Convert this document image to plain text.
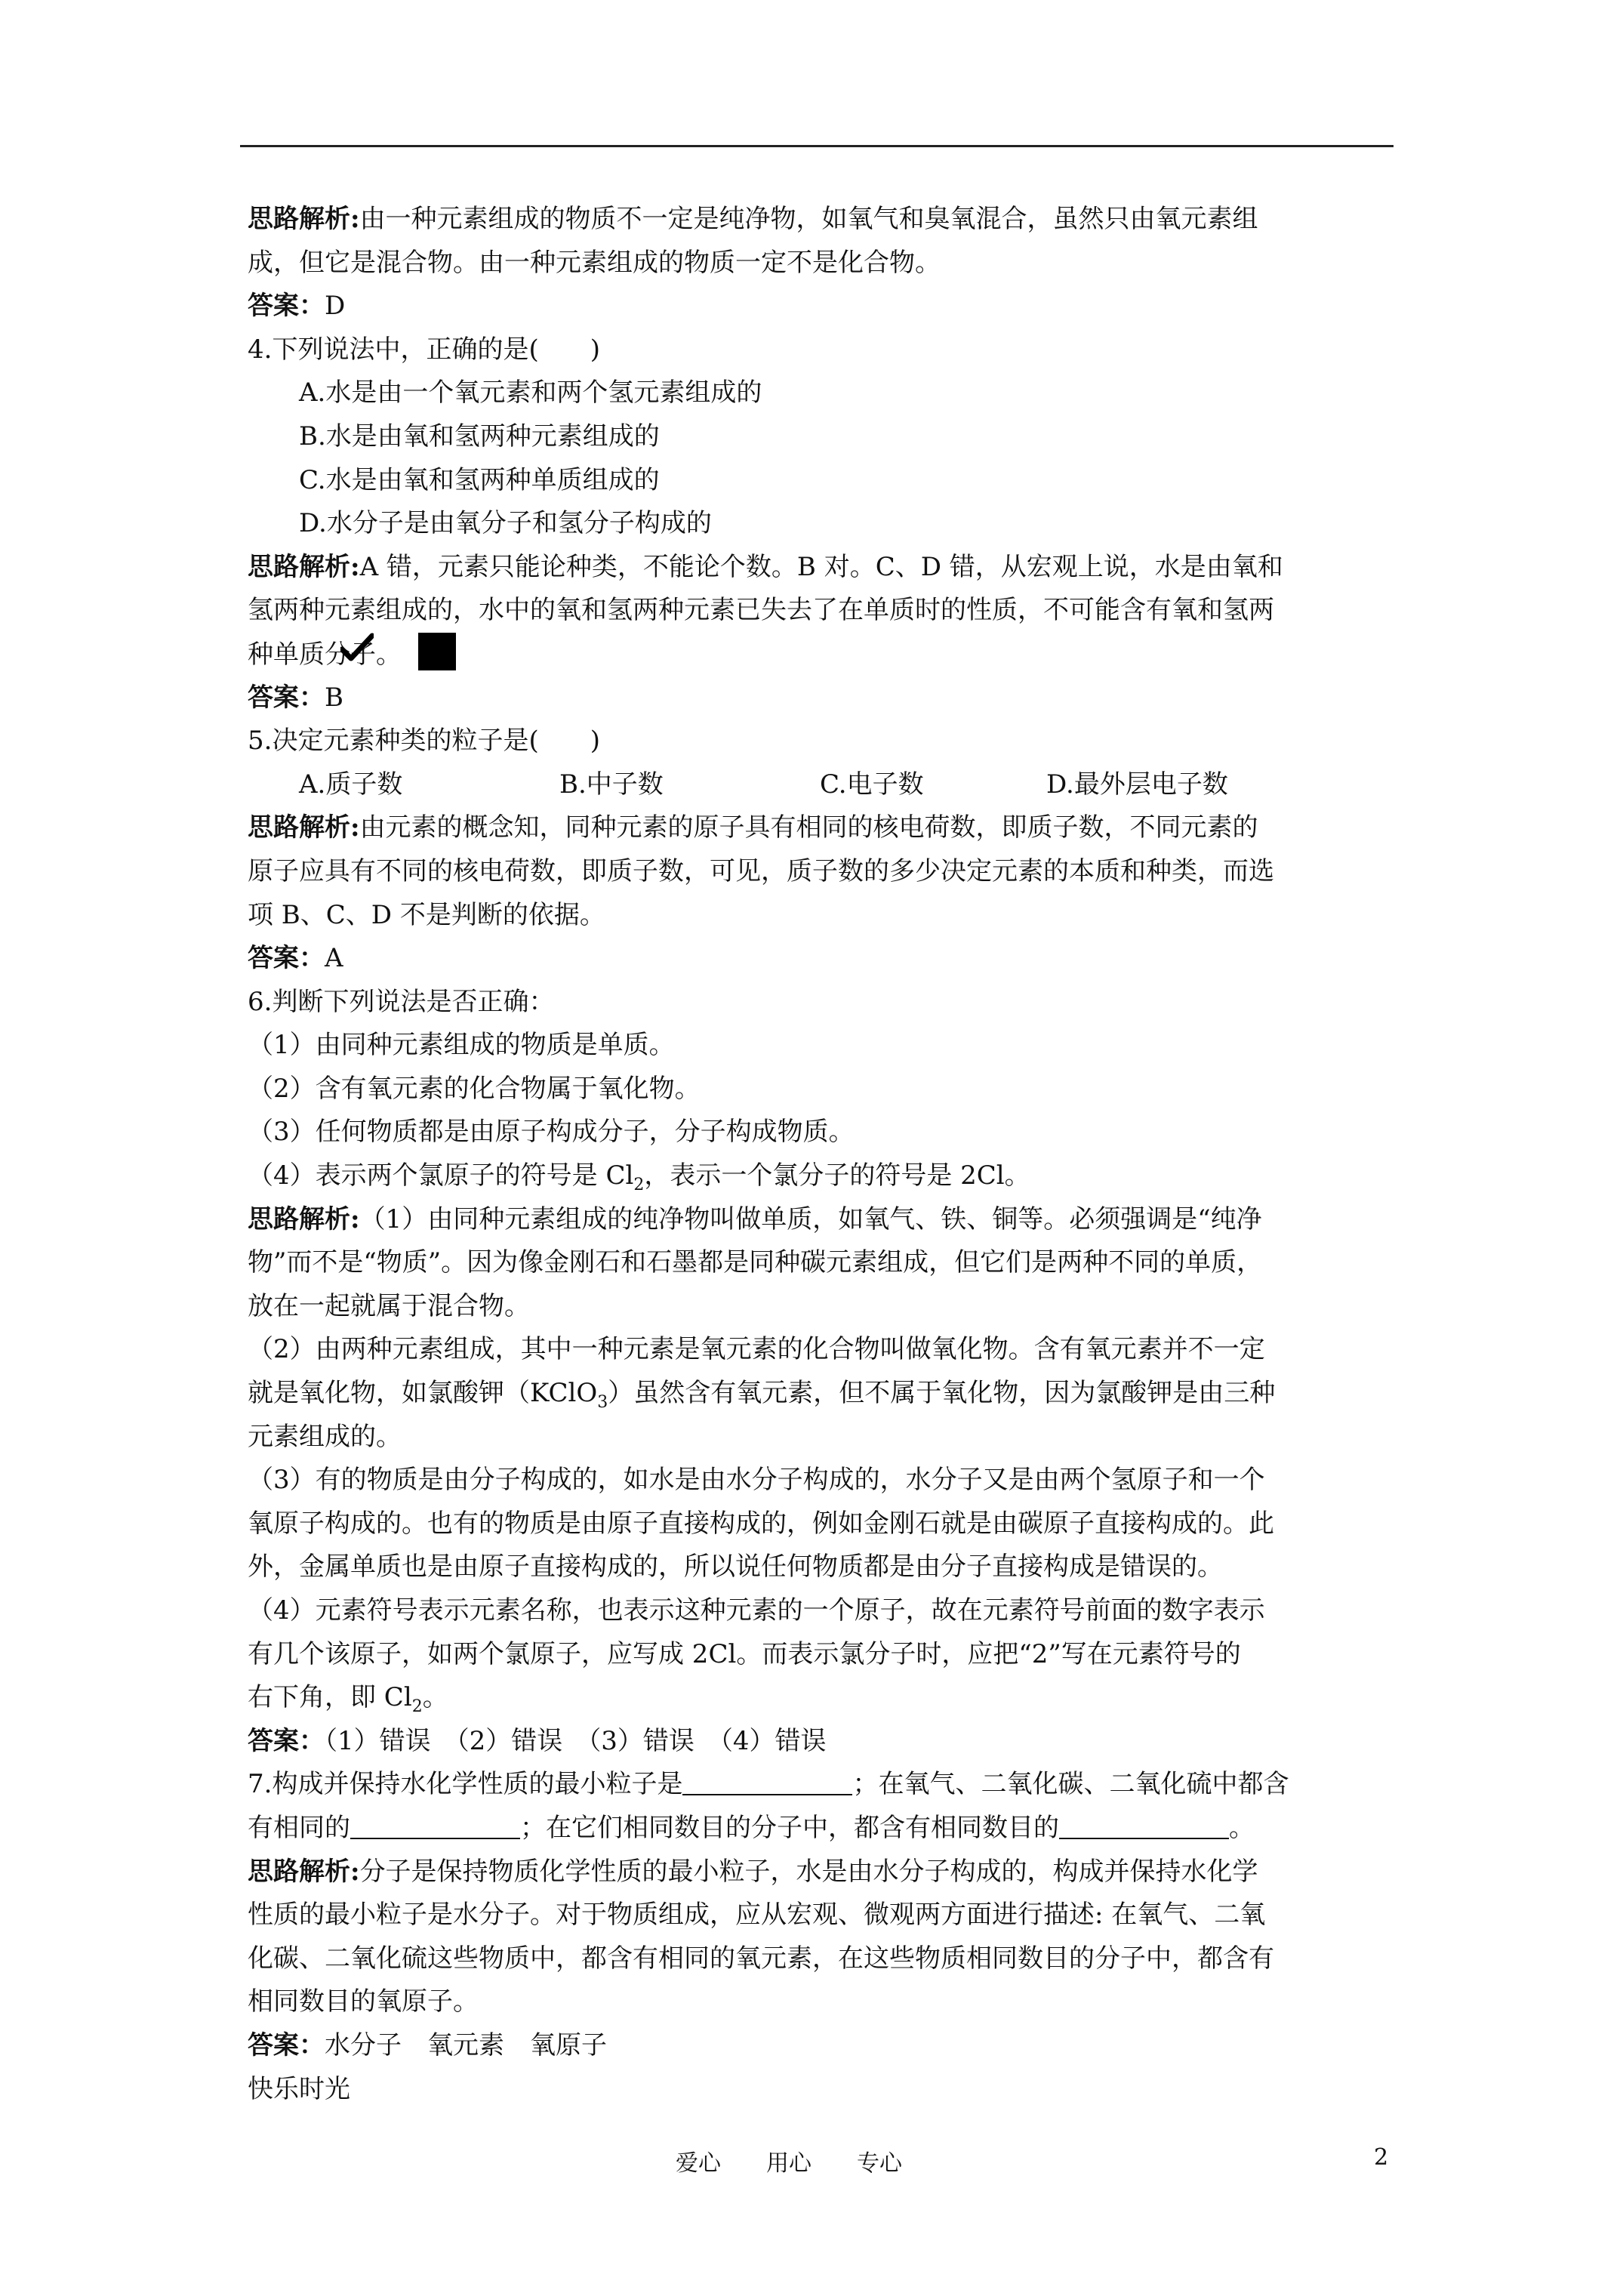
思路解析:由一种元素组成的物质不一定是纯净物，如氧气和臭氧混合，虽然只由氧元素组
成，但它是混合物。由一种元素组成的物质一定不是化合物。
答案：D
4.下列说法中，正确的是(　　)
A.水是由一个氧元素和两个氢元素组成的
B.水是由氧和氢两种元素组成的
C.水是由氧和氢两种单质组成的
D.水分子是由氧分子和氢分子构成的
思路解析:A 错，元素只能论种类，不能论个数。B 对。C、D 错，从宏观上说，水是由氧和
氢两种元素组成的，水中的氧和氢两种元素已失去了在单质时的性质，不可能含有氧和氢两
种单质分子。
答案：B
5.决定元素种类的粒子是(　　)
A.质子数	B.中子数	C.电子数	D.最外层电子数
思路解析:由元素的概念知，同种元素的原子具有相同的核电荷数，即质子数，不同元素的
原子应具有不同的核电荷数，即质子数，可见，质子数的多少决定元素的本质和种类，而选
项 B、C、D 不是判断的依据。
答案：A
6.判断下列说法是否正确：
（1）由同种元素组成的物质是单质。
（2）含有氧元素的化合物属于氧化物。
（3）任何物质都是由原子构成分子，分子构成物质。
（4）表示两个氯原子的符号是 $Cl_2$，表示一个氯分子的符号是 2Cl。
思路解析:（1）由同种元素组成的纯净物叫做单质，如氧气、铁、铜等。必须强调是“纯净
物”而不是“物质”。因为像金刚石和石墨都是同种碳元素组成，但它们是两种不同的单质，
放在一起就属于混合物。
（2）由两种元素组成，其中一种元素是氧元素的化合物叫做氧化物。含有氧元素并不一定
就是氧化物，如氯酸钾（KClO$_3$）虽然含有氧元素，但不属于氧化物，因为氯酸钾是由三种
元素组成的。
（3）有的物质是由分子构成的，如水是由水分子构成的，水分子又是由两个氢原子和一个
氧原子构成的。也有的物质是由原子直接构成的，例如金刚石就是由碳原子直接构成的。此
外，金属单质也是由原子直接构成的，所以说任何物质都是由分子直接构成是错误的。
（4）元素符号表示元素名称，也表示这种元素的一个原子，故在元素符号前面的数字表示
有几个该原子，如两个氯原子，应写成 2Cl。而表示氯分子时，应把“2”写在元素符号的
右下角，即 $Cl_2$。
答案：（1）错误　（2）错误　（3）错误　（4）错误
7.构成并保持水化学性质的最小粒子是	；在氧气、二氧化碳、二氧化硫中都含
有相同的	；在它们相同数目的分子中，都含有相同数目的	。
思路解析:分子是保持物质化学性质的最小粒子，水是由水分子构成的，构成并保持水化学
性质的最小粒子是水分子。对于物质组成，应从宏观、微观两方面进行描述: 在氧气、二氧
化碳、二氧化硫这些物质中，都含有相同的氧元素，在这些物质相同数目的分子中，都含有
相同数目的氧原子。
答案：水分子　氧元素　氧原子
快乐时光
爱心　　用心　　专心	2
